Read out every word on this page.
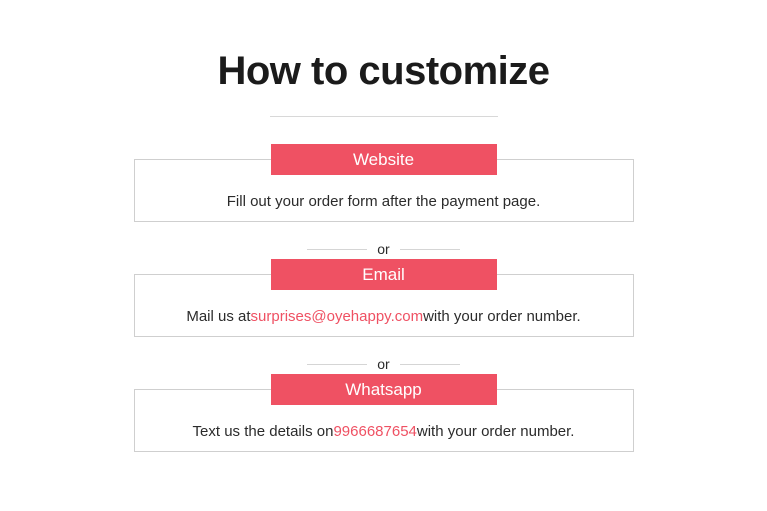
How to customize
Website
Fill out your order form after the payment page.
or
Email
Mail us at surprises@oyehappy.com with your order number.
or
Whatsapp
Text us the details on 9966687654 with your order number.
